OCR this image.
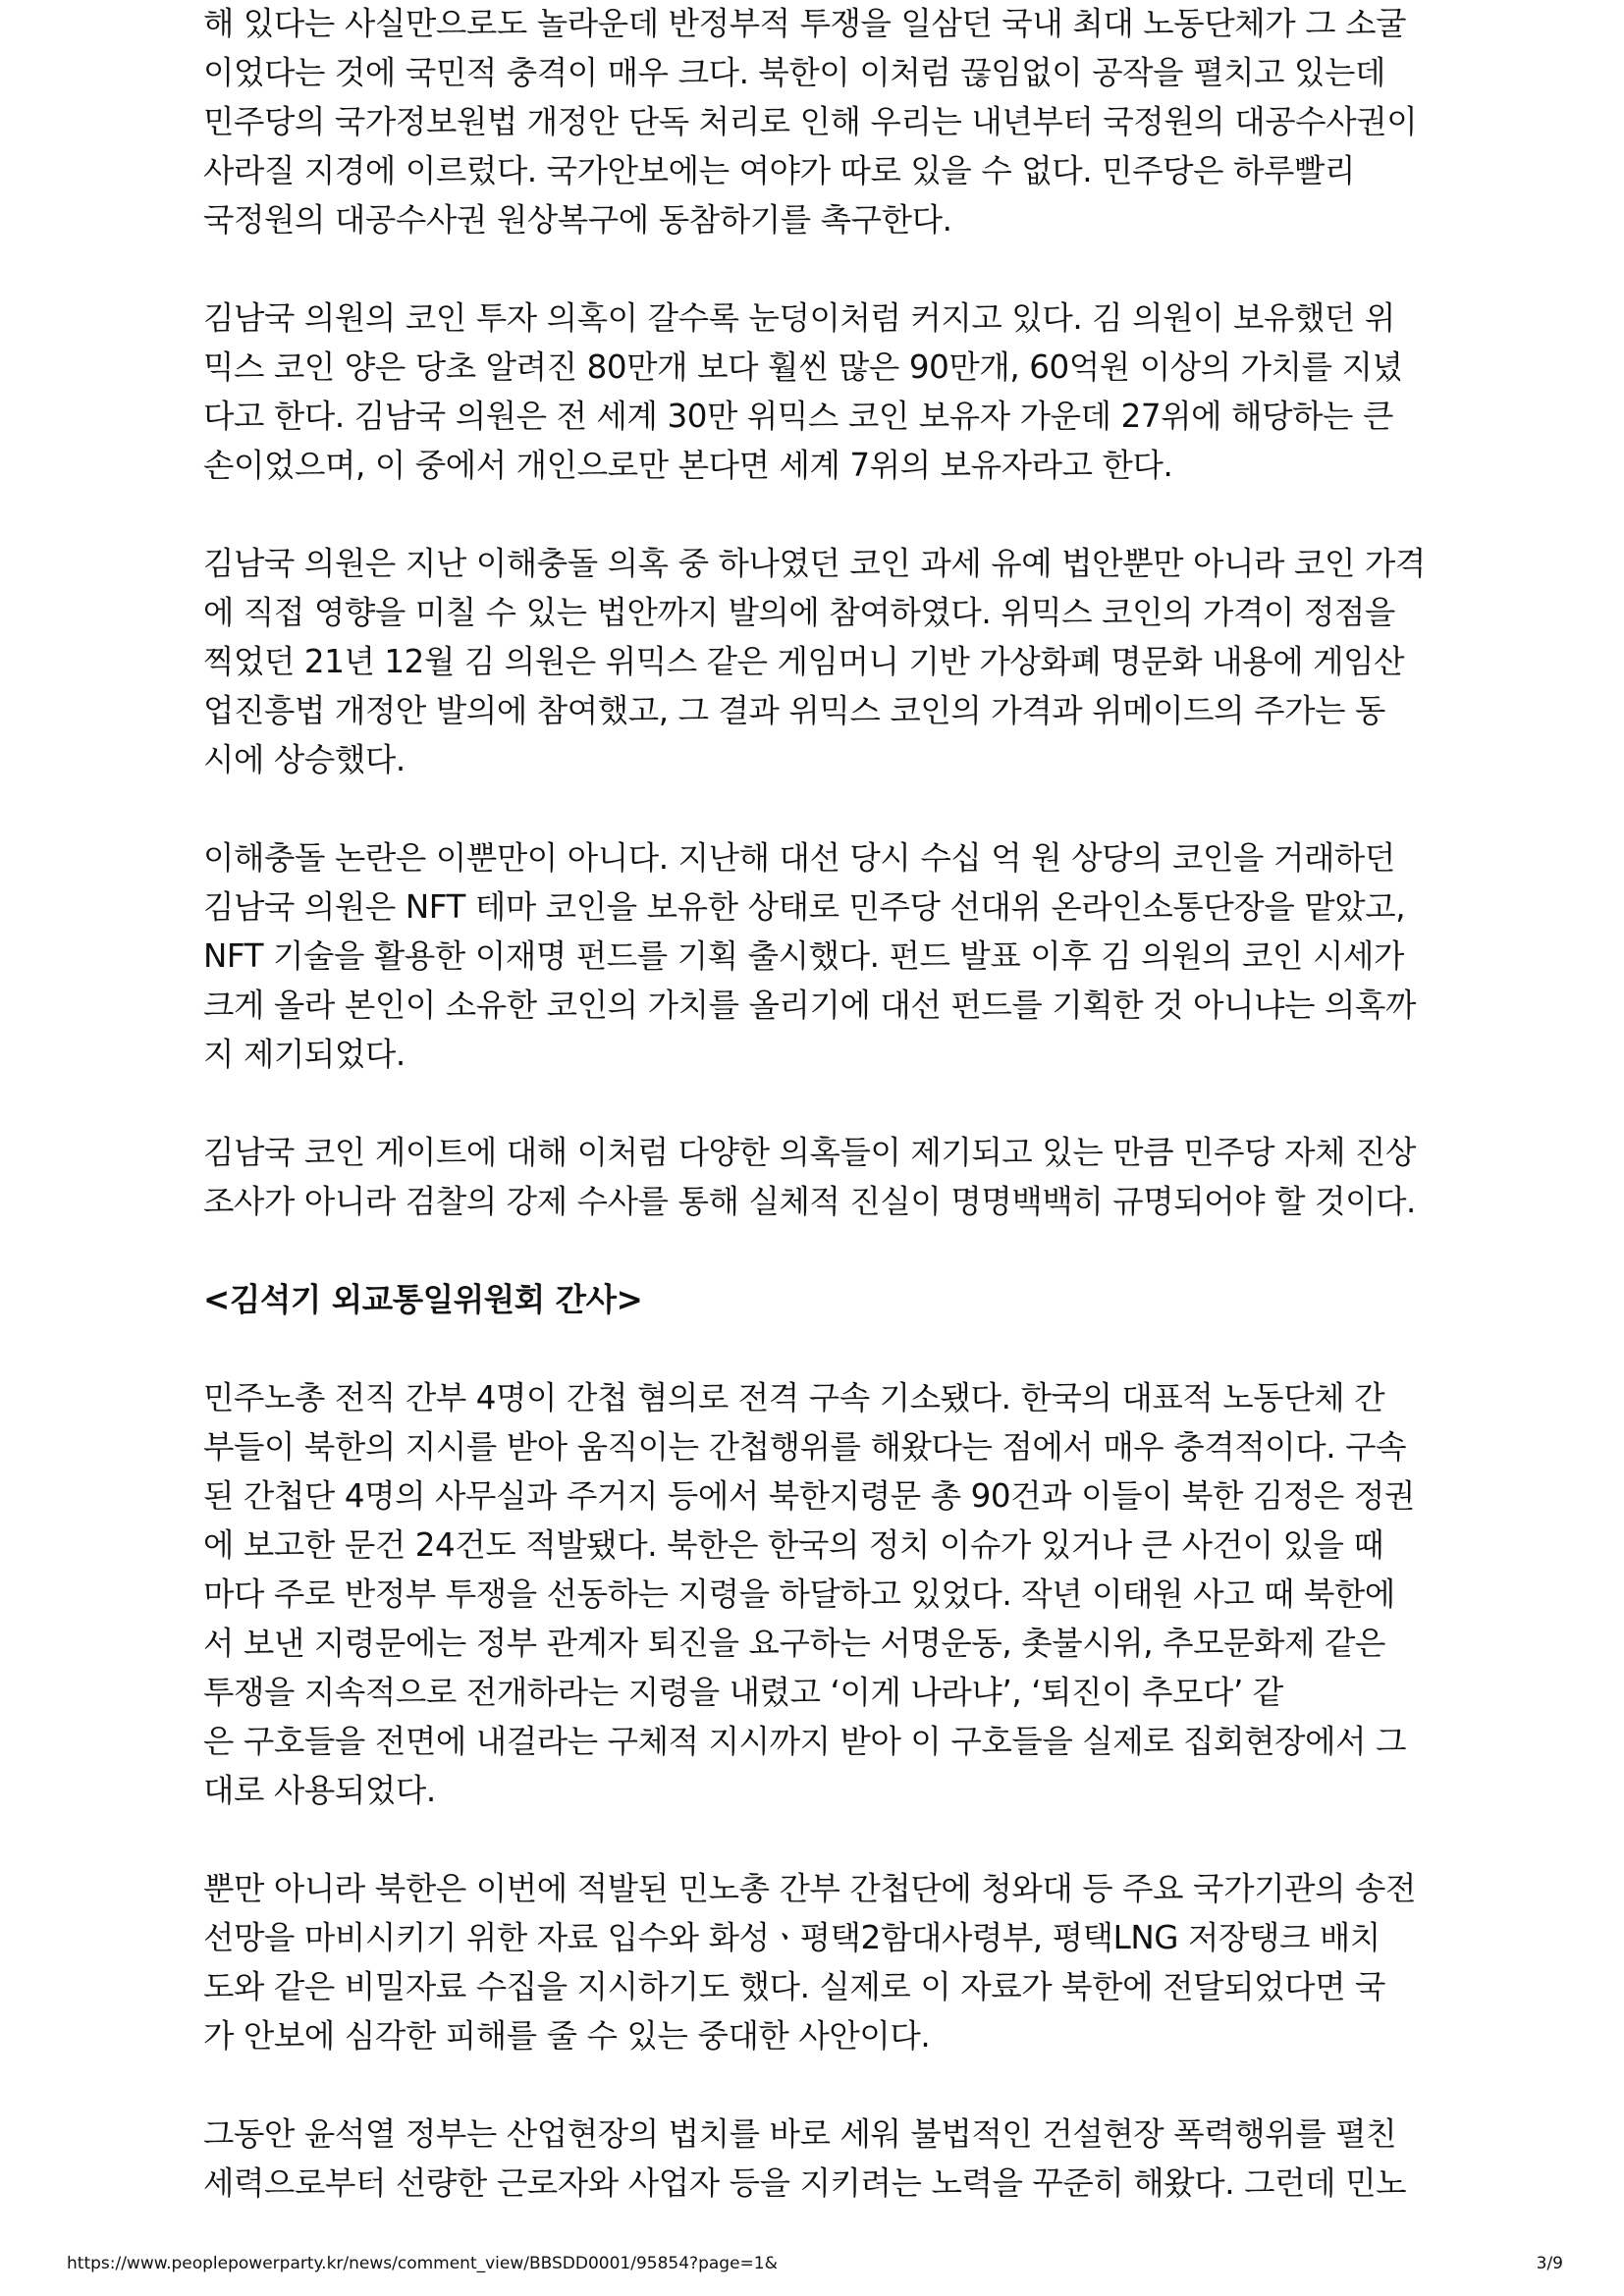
해 있다는 사실만으로도 놀라운데 반정부적 투쟁을 일삼던 국내 최대 노동단체가 그 소굴
이었다는 것에 국민적 충격이 매우 크다. 북한이 이처럼 끊임없이 공작을 펼치고 있는데
민주당의 국가정보원법 개정안 단독 처리로 인해 우리는 내년부터 국정원의 대공수사권이
사라질 지경에 이르렀다. 국가안보에는 여야가 따로 있을 수 없다. 민주당은 하루빨리
국정원의 대공수사권 원상복구에 동참하기를 촉구한다.
김남국 의원의 코인 투자 의혹이 갈수록 눈덩이처럼 커지고 있다. 김 의원이 보유했던 위
믹스 코인 양은 당초 알려진 80만개 보다 훨씬 많은 90만개, 60억원 이상의 가치를 지녔
다고 한다. 김남국 의원은 전 세계 30만 위믹스 코인 보유자 가운데 27위에 해당하는 큰
손이었으며, 이 중에서 개인으로만 본다면 세계 7위의 보유자라고 한다.
김남국 의원은 지난 이해충돌 의혹 중 하나였던 코인 과세 유예 법안뿐만 아니라 코인 가격
에 직접 영향을 미칠 수 있는 법안까지 발의에 참여하였다. 위믹스 코인의 가격이 정점을
찍었던 21년 12월 김 의원은 위믹스 같은 게임머니 기반 가상화폐 명문화 내용에 게임산
업진흥법 개정안 발의에 참여했고, 그 결과 위믹스 코인의 가격과 위메이드의 주가는 동
시에 상승했다.
이해충돌 논란은 이뿐만이 아니다. 지난해 대선 당시 수십 억 원 상당의 코인을 거래하던
김남국 의원은 NFT 테마 코인을 보유한 상태로 민주당 선대위 온라인소통단장을 맡았고,
NFT 기술을 활용한 이재명 펀드를 기획 출시했다. 펀드 발표 이후 김 의원의 코인 시세가
크게 올라 본인이 소유한 코인의 가치를 올리기에 대선 펀드를 기획한 것 아니냐는 의혹까
지 제기되었다.
김남국 코인 게이트에 대해 이처럼 다양한 의혹들이 제기되고 있는 만큼 민주당 자체 진상
조사가 아니라 검찰의 강제 수사를 통해 실체적 진실이 명명백백히 규명되어야 할 것이다.
<김석기 외교통일위원회 간사>
민주노총 전직 간부 4명이 간첩 혐의로 전격 구속 기소됐다. 한국의 대표적 노동단체 간
부들이 북한의 지시를 받아 움직이는 간첩행위를 해왔다는 점에서 매우 충격적이다. 구속
된 간첩단 4명의 사무실과 주거지 등에서 북한지령문 총 90건과 이들이 북한 김정은 정권
에 보고한 문건 24건도 적발됐다. 북한은 한국의 정치 이슈가 있거나 큰 사건이 있을 때
마다 주로 반정부 투쟁을 선동하는 지령을 하달하고 있었다. 작년 이태원 사고 때 북한에
서 보낸 지령문에는 정부 관계자 퇴진을 요구하는 서명운동, 촛불시위, 추모문화제 같은
투쟁을 지속적으로 전개하라는 지령을 내렸고 ‘이게 나라냐’, ‘퇴진이 추모다’ 같
은 구호들을 전면에 내걸라는 구체적 지시까지 받아 이 구호들을 실제로 집회현장에서 그
대로 사용되었다.
뿐만 아니라 북한은 이번에 적발된 민노총 간부 간첩단에 청와대 등 주요 국가기관의 송전
선망을 마비시키기 위한 자료 입수와 화성ㆍ평택2함대사령부, 평택LNG 저장탱크 배치
도와 같은 비밀자료 수집을 지시하기도 했다. 실제로 이 자료가 북한에 전달되었다면 국
가 안보에 심각한 피해를 줄 수 있는 중대한 사안이다.
그동안 윤석열 정부는 산업현장의 법치를 바로 세워 불법적인 건설현장 폭력행위를 펼친
세력으로부터 선량한 근로자와 사업자 등을 지키려는 노력을 꾸준히 해왔다. 그런데 민노
https://www.peoplepowerparty.kr/news/comment_view/BBSDD0001/95854?page=1&	3/9
